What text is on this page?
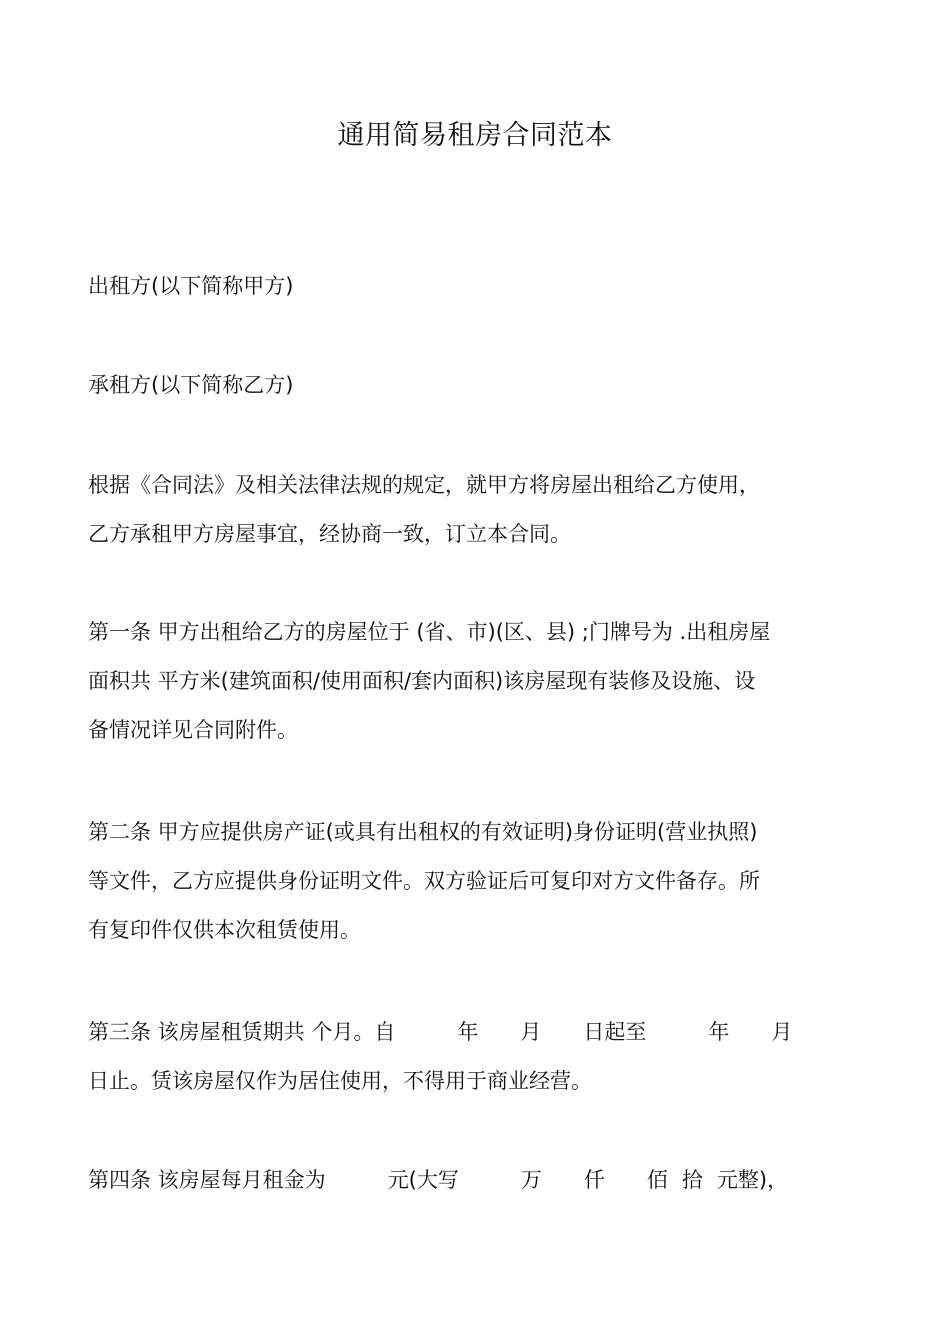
通用简易租房合同范本
出租方(以下简称甲方)
承租方(以下简称乙方)
根据《合同法》及相关法律法规的规定，就甲方将房屋出租给乙方使用，
乙方承租甲方房屋事宜，经协商一致，订立本合同。
第一条 甲方出租给乙方的房屋位于 (省、市)(区、县) ;门牌号为 .出租房屋
面积共 平方米(建筑面积/使用面积/套内面积)该房屋现有装修及设施、设
备情况详见合同附件。
第二条 甲方应提供房产证(或具有出租权的有效证明)身份证明(营业执照)
等文件，乙方应提供身份证明文件。双方验证后可复印对方文件备存。所
有复印件仅供本次租赁使用。
第三条 该房屋租赁期共 个月。自	年 月 日起至	年 月
日止。赁该房屋仅作为居住使用，不得用于商业经营。
第四条 该房屋每月租金为	元(大写	万 仟 佰 拾 元整)，
